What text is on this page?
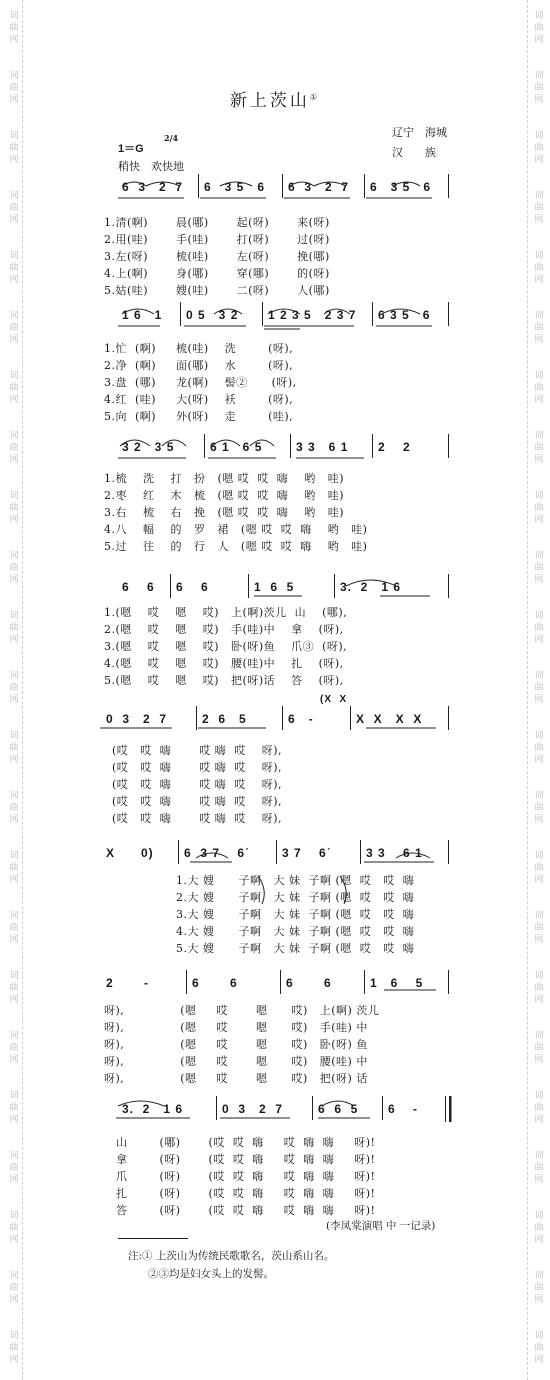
词
曲
网
词
曲
网
词
曲
网
词
曲
网
词
曲
网
词
曲
网
词
曲
网
词
曲
网
词
曲
网
词
曲
网
词
曲
网
词
曲
网
词
曲
网
词
曲
网
词
曲
网
词
曲
网
词
曲
网
词
曲
网
词
曲
网
词
曲
网
词
曲
网
词
曲
网
词
曲
网
词
曲
网
词
曲
网
词
曲
网
词
曲
网
词
曲
网
词
曲
网
词
曲
网
词
曲
网
词
曲
网
词
曲
网
词
曲
网
词
曲
网
词
曲
网
词
曲
网
词
曲
网
词
曲
网
词
曲
网
词
曲
网
词
曲
网
词
曲
网
词
曲
网
词
曲
网
词
曲
网
新上茨山①
辽宁　海城
汉　　族
1＝G
2/4
稍快　欢快地
6  3   2  7 6   3 5   6 6  3   2  7 6   3 5   6
1.清(啊)       晨(哪)       起(呀)       来(呀)
2.用(哇)       手(哇)       打(呀)       过(呀)
3.左(呀)       梳(哇)       左(呀)       挽(哪)
4.上(啊)       身(哪)       穿(哪)       的(呀)
5.姑(哇)       嫂(哇)       二(呀)       人(哪)
1 6   1 0 5   3 2 1 2 3 5   2 3 7 6 3 5   6
1.忙  (啊)     梳(哇)    洗        (呀),
2.净  (啊)     面(哪)    水        (呀),
3.盘  (哪)     龙(啊)    髻②      (呀),
4.红  (哇)     大(呀)    袄        (呀),
5.向  (啊)     外(呀)    走        (哇),
3 2   3 5	6 1   6 5	3 3   6 1 2    2
1.梳    洗    打   扮   (嗯 哎  哎  嗨    哟   哇)
2.枣    红    木   梳   (嗯 哎  哎  嗨    哟   哇)
3.右    梳    右   挽   (嗯 哎  哎  嗨    哟   哇)
4.八    幅    的   罗   裙   (嗯 哎  哎  嗨    哟   哇)
5.过    往    的   行   人   (嗯 哎  哎  嗨    哟   哇)
6    6 6    6	1  6  5	3.  2   1 6
1.(嗯    哎    嗯    哎)   上(啊)茨儿  山    (哪),
2.(嗯    哎    嗯    哎)   手(哇)中    拿    (呀),
3.(嗯    哎    嗯    哎)   卧(呀)鱼    爪③  (呀),
4.(嗯    哎    嗯    哎)   腰(哇)中    扎    (呀),
5.(嗯    哎    嗯    哎)   把(呀)话    答    (呀),
0  3   2  7	2  6   5	6   -	X  X   X  X
(哎   哎  嗨       哎 嗨  哎    呀),
(哎   哎  嗨       哎 嗨  哎    呀),
(哎   哎  嗨       哎 嗨  哎    呀),
(哎   哎  嗨       哎 嗨  哎    呀),
(哎   哎  嗨       哎 嗨  哎    呀),
X      0)	6  3 7    6˙	3 7    6˙	3 3    6 1
1.大 嫂      子啊   大 妹  子啊 (嗯  哎   哎  嗨
2.大 嫂      子啊   大 妹  子啊 (嗯  哎   哎  嗨
3.大 嫂      子啊   大 妹  子啊 (嗯  哎   哎  嗨
4.大 嫂      子啊   大 妹  子啊 (嗯  哎   哎  嗨
5.大 嫂      子啊   大 妹  子啊 (嗯  哎   哎  嗨
2       -	6       6	6       6	1   6    5
呀),              (嗯     哎       嗯      哎)   上(啊) 茨儿
呀),              (嗯     哎       嗯      哎)   手(哇) 中
呀),              (嗯     哎       嗯      哎)   卧(呀) 鱼
呀),              (嗯     哎       嗯      哎)   腰(哇) 中
呀),              (嗯     哎       嗯      哎)   把(呀) 话
3.  2   1 6	0  3   2  7	6  6  5 6    -
山        (哪)       (哎  哎  嗨     哎  嗨  嗨     呀)!
拿        (呀)       (哎  哎  嗨     哎  嗨  嗨     呀)!
爪        (呀)       (哎  哎  嗨     哎  嗨  嗨     呀)!
扎        (呀)       (哎  哎  嗨     哎  嗨  嗨     呀)!
答        (呀)       (哎  哎  嗨     哎  嗨  嗨     呀)!
(X  X
(李凤棠演唱 中 一记录)
注:① 上茨山为传统民歌歌名，茨山系山名。
②③均是妇女头上的发髻。
